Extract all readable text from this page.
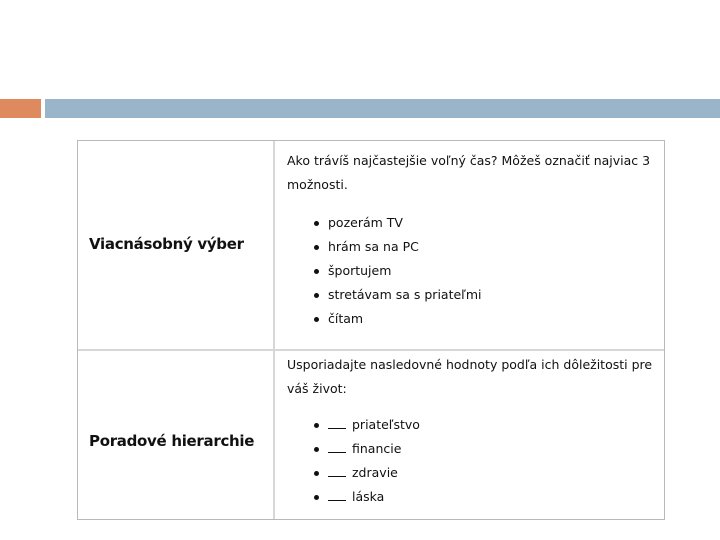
Viacnásobný výber

Ako trávíš najčastejšie voľný čas? Môžeš označiť najviac 3 možnosti.

pozerám TV
hrám sa na PC
športujem
stretávam sa s priateľmi
čítam
Poradové hierarchie

Usporiadajte nasledovné hodnoty podľa ich dôležitosti pre váš život:

priateľstvo
financie
zdravie
láska
